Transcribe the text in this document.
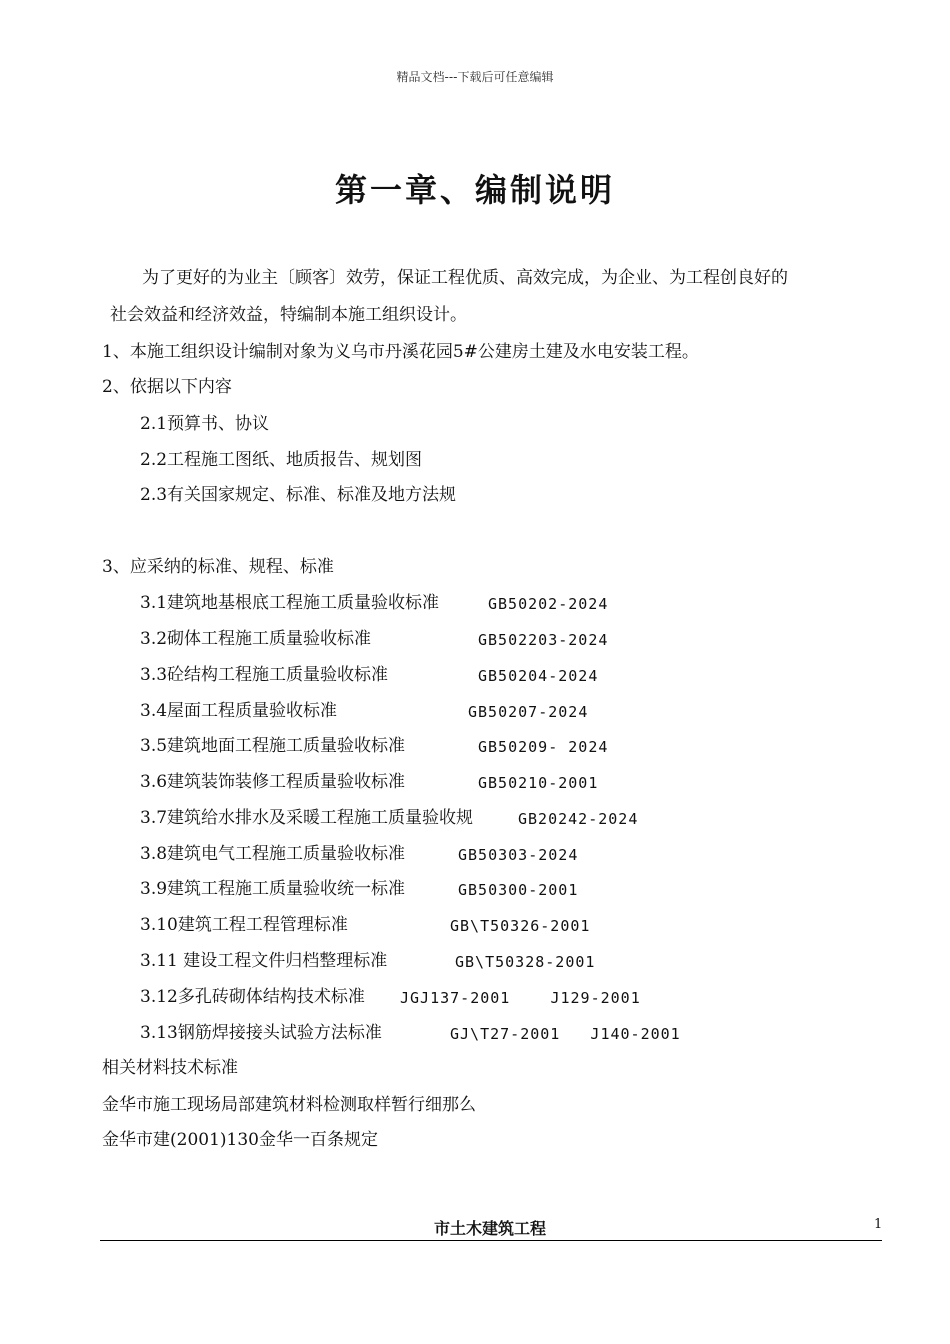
精品文档---下载后可任意编辑
第一章、编制说明
为了更好的为业主〔顾客〕效劳，保证工程优质、高效完成，为企业、为工程创良好的
社会效益和经济效益，特编制本施工组织设计。
1、本施工组织设计编制对象为义乌市丹溪花园5#公建房土建及水电安装工程。
2、依据以下内容
2.1预算书、协议
2.2工程施工图纸、地质报告、规划图
2.3有关国家规定、标准、标准及地方法规
3、应采纳的标准、规程、标准
3.1建筑地基根底工程施工质量验收标准	GB50202-2024
3.2砌体工程施工质量验收标准	GB502203-2024
3.3砼结构工程施工质量验收标准	GB50204-2024
3.4屋面工程质量验收标准	GB50207-2024
3.5建筑地面工程施工质量验收标准	GB50209- 2024
3.6建筑装饰装修工程质量验收标准	GB50210-2001
3.7建筑给水排水及采暖工程施工质量验收规	GB20242-2024
3.8建筑电气工程施工质量验收标准	GB50303-2024
3.9建筑工程施工质量验收统一标准	GB50300-2001
3.10建筑工程工程管理标准	GB\T50326-2001
3.11 建设工程文件归档整理标准	GB\T50328-2001
3.12多孔砖砌体结构技术标准 JGJ137-2001    J129-2001
3.13钢筋焊接接头试验方法标准	GJ\T27-2001   J140-2001
相关材料技术标准
金华市施工现场局部建筑材料检测取样暂行细那么
金华市建(2001)130金华一百条规定
市土木建筑工程	1
